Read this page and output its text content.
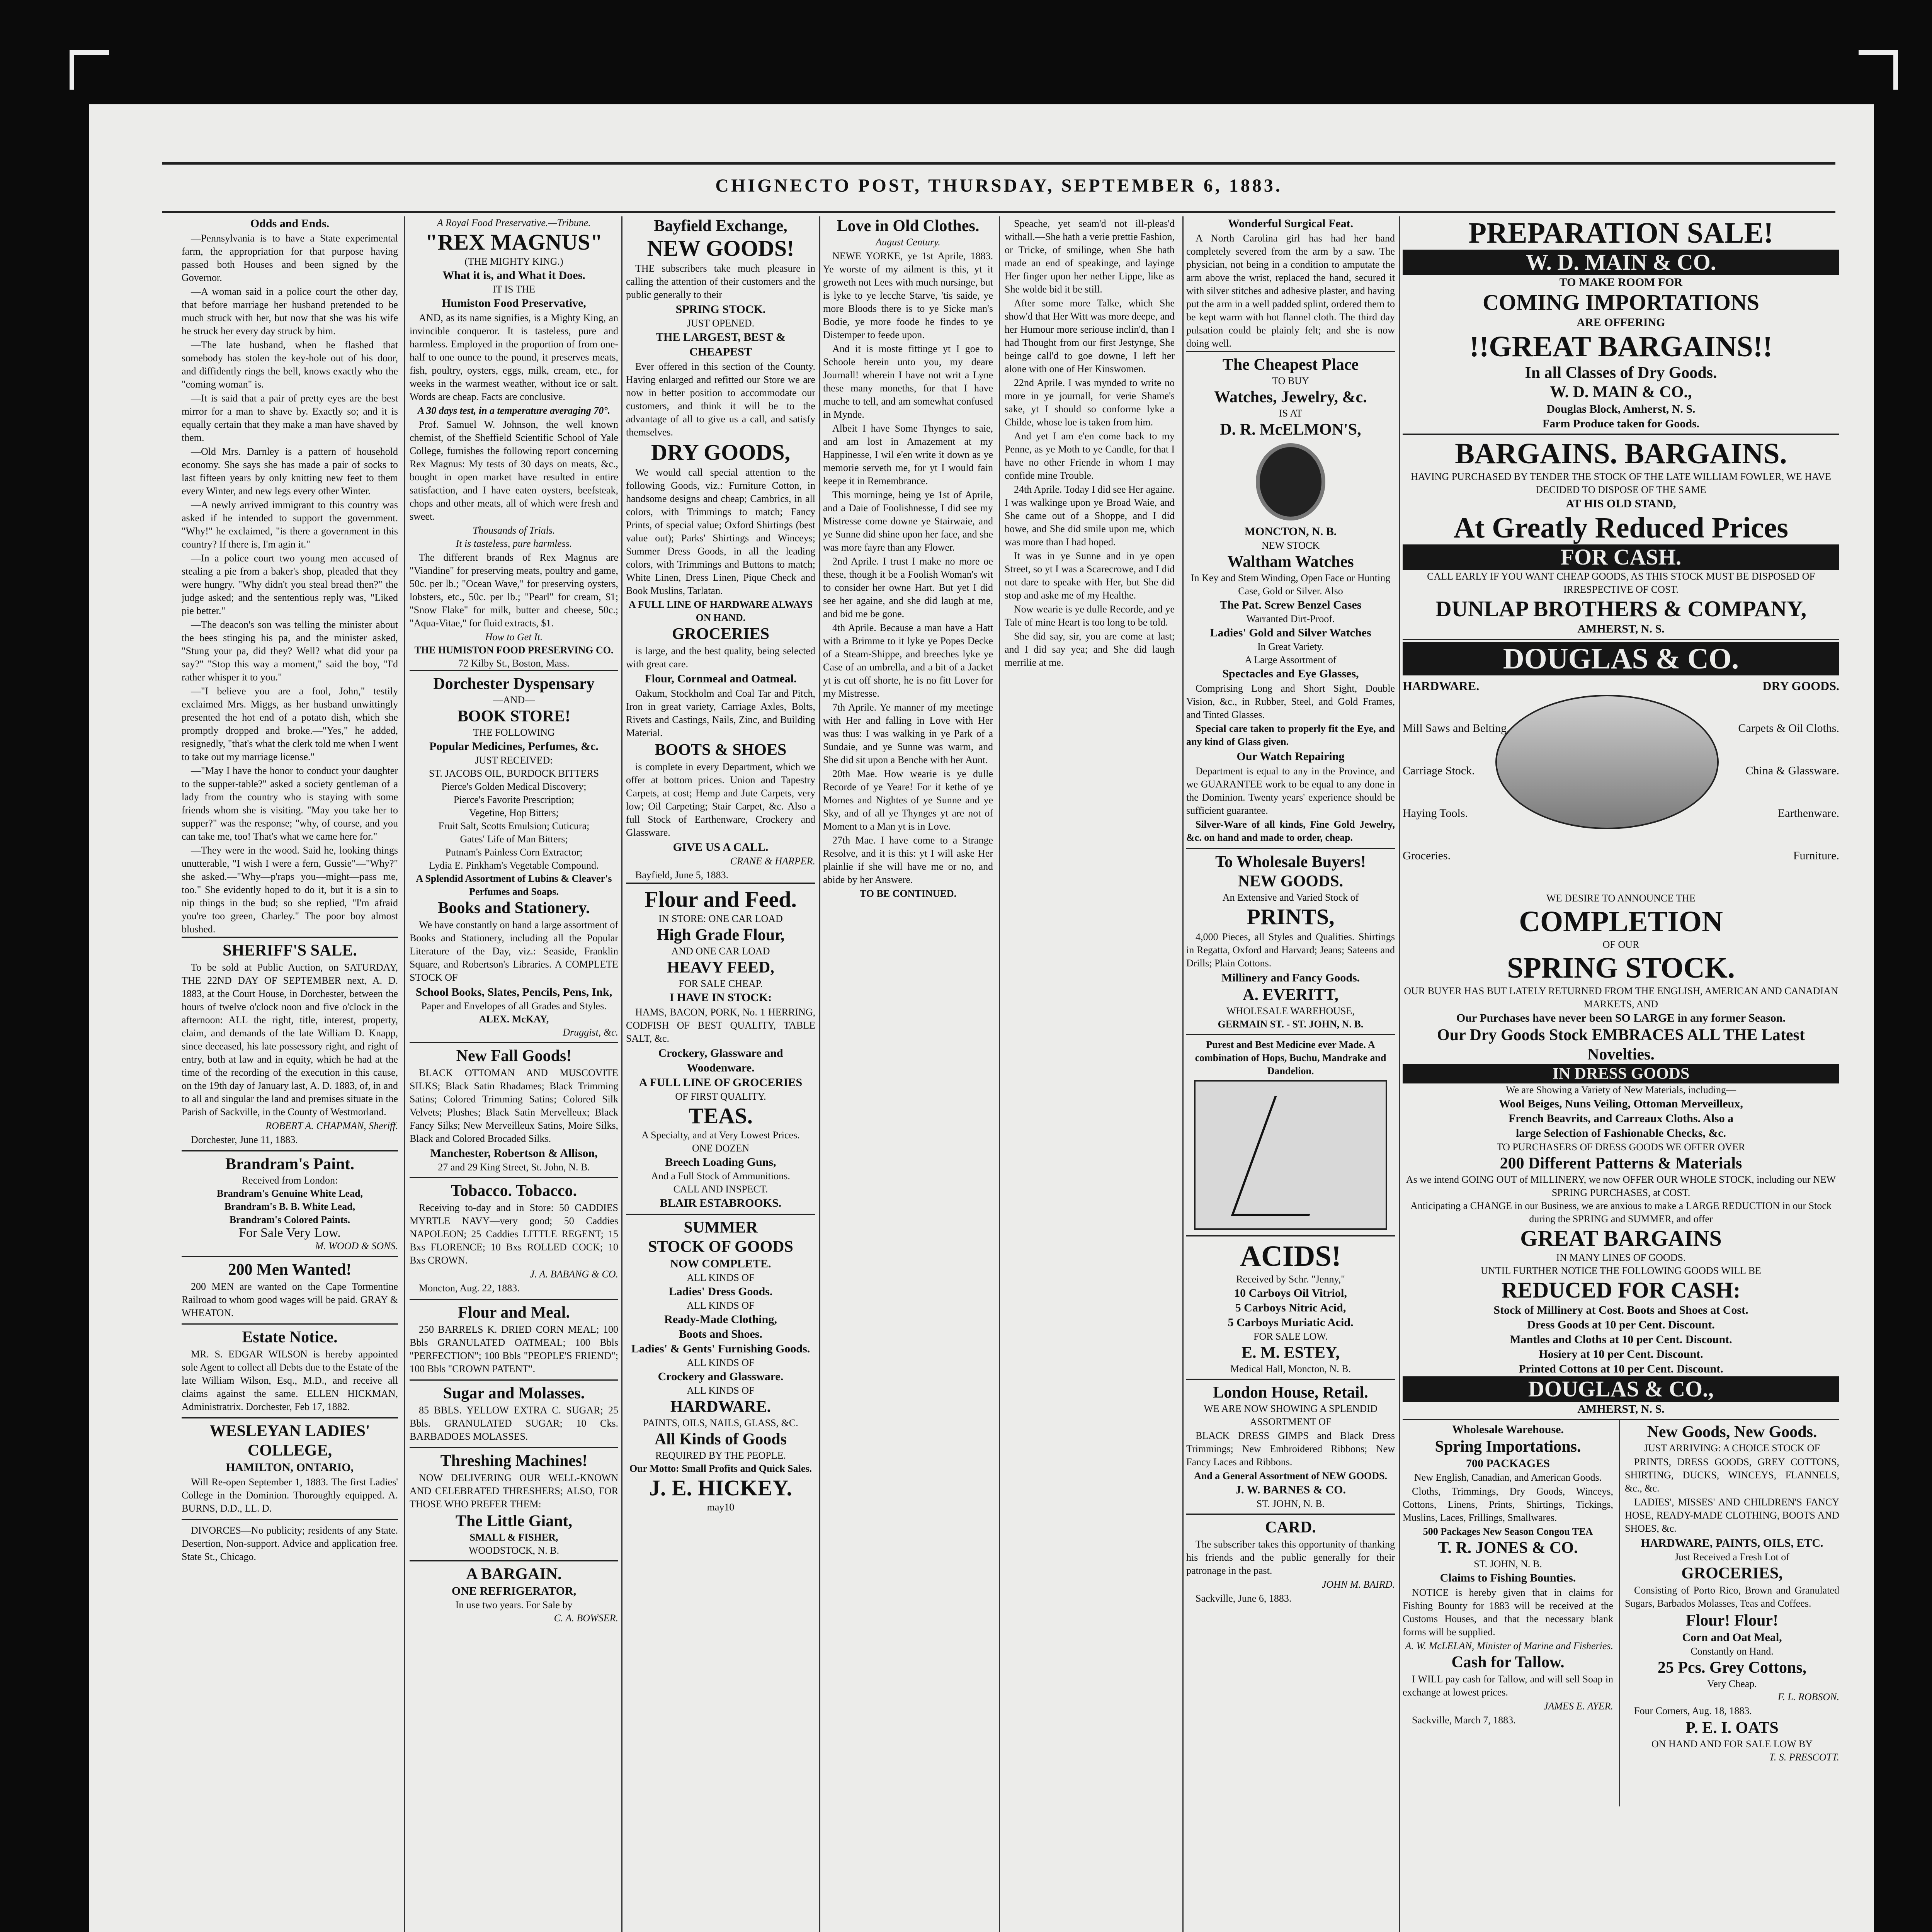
CHIGNECTO POST, THURSDAY, SEPTEMBER 6, 1883.
Odds and Ends.
—Pennsylvania is to have a State experimental farm, the appropriation for that purpose having passed both Houses and been signed by the Governor.
—A woman said in a police court the other day, that before marriage her husband pretended to be much struck with her, but now that she was his wife he struck her every day struck by him.
—The late husband, when he flashed that somebody has stolen the key-hole out of his door, and diffidently rings the bell, knows exactly who the "coming woman" is.
—It is said that a pair of pretty eyes are the best mirror for a man to shave by. Exactly so; and it is equally certain that they make a man have shaved by them.
—Old Mrs. Darnley is a pattern of household economy. She says she has made a pair of socks to last fifteen years by only knitting new feet to them every Winter, and new legs every other Winter.
—A newly arrived immigrant to this country was asked if he intended to support the government. "Why!" he exclaimed, "is there a government in this country? If there is, I'm agin it."
—In a police court two young men accused of stealing a pie from a baker's shop, pleaded that they were hungry. "Why didn't you steal bread then?" the judge asked; and the sententious reply was, "Liked pie better."
—The deacon's son was telling the minister about the bees stinging his pa, and the minister asked, "Stung your pa, did they? Well? what did your pa say?" "Stop this way a moment," said the boy, "I'd rather whisper it to you."
—"I believe you are a fool, John," testily exclaimed Mrs. Miggs, as her husband unwittingly presented the hot end of a potato dish, which she promptly dropped and broke.—"Yes," he added, resignedly, "that's what the clerk told me when I went to take out my marriage license."
—"May I have the honor to conduct your daughter to the supper-table?" asked a society gentleman of a lady from the country who is staying with some friends whom she is visiting. "May you take her to supper?" was the response; "why, of course, and you can take me, too! That's what we came here for."
—They were in the wood. Said he, looking things unutterable, "I wish I were a fern, Gussie"—"Why?" she asked.—"Why—p'raps you—might—pass me, too." She evidently hoped to do it, but it is a sin to nip things in the bud; so she replied, "I'm afraid you're too green, Charley." The poor boy almost blushed.
SHERIFF'S SALE.
To be sold at Public Auction, on SATURDAY, THE 22ND DAY OF SEPTEMBER next, A. D. 1883, at the Court House, in Dorchester, between the hours of twelve o'clock noon and five o'clock in the afternoon: ALL the right, title, interest, property, claim, and demands of the late William D. Knapp, since deceased, his late possessory right, and right of entry, both at law and in equity, which he had at the time of the recording of the execution in this cause, on the 19th day of January last, A. D. 1883, of, in and to all and singular the land and premises situate in the Parish of Sackville, in the County of Westmorland.
ROBERT A. CHAPMAN, Sheriff.
Dorchester, June 11, 1883.
Brandram's Paint.
Received from London:
Brandram's Genuine White Lead,
Brandram's B. B. White Lead,
Brandram's Colored Paints.
For Sale Very Low.
M. WOOD & SONS.
200 Men Wanted!
200 MEN are wanted on the Cape Tormentine Railroad to whom good wages will be paid. GRAY & WHEATON.
Estate Notice.
MR. S. EDGAR WILSON is hereby appointed sole Agent to collect all Debts due to the Estate of the late William Wilson, Esq., M.D., and receive all claims against the same. ELLEN HICKMAN, Administratrix. Dorchester, Feb 17, 1882.
WESLEYAN LADIES' COLLEGE,
HAMILTON, ONTARIO,
Will Re-open September 1, 1883. The first Ladies' College in the Dominion. Thoroughly equipped. A. BURNS, D.D., LL. D.
DIVORCES—No publicity; residents of any State. Desertion, Non-support. Advice and application free. State St., Chicago.
A Royal Food Preservative.—Tribune.
"REX MAGNUS"
(THE MIGHTY KING.)
What it is, and What it Does.
IT IS THE
Humiston Food Preservative,
AND, as its name signifies, is a Mighty King, an invincible conqueror. It is tasteless, pure and harmless. Employed in the proportion of from one-half to one ounce to the pound, it preserves meats, fish, poultry, oysters, eggs, milk, cream, etc., for weeks in the warmest weather, without ice or salt. Words are cheap. Facts are conclusive.
A 30 days test, in a temperature averaging 70°.
Prof. Samuel W. Johnson, the well known chemist, of the Sheffield Scientific School of Yale College, furnishes the following report concerning Rex Magnus: My tests of 30 days on meats, &c., bought in open market have resulted in entire satisfaction, and I have eaten oysters, beefsteak, chops and other meats, all of which were fresh and sweet.
Thousands of Trials.
It is tasteless, pure harmless.
The different brands of Rex Magnus are "Viandine" for preserving meats, poultry and game, 50c. per lb.; "Ocean Wave," for preserving oysters, lobsters, etc., 50c. per lb.; "Pearl" for cream, $1; "Snow Flake" for milk, butter and cheese, 50c.; "Aqua-Vitae," for fluid extracts, $1.
How to Get It.
THE HUMISTON FOOD PRESERVING CO.
72 Kilby St., Boston, Mass.
Dorchester Dyspensary
—AND—
BOOK STORE!
THE FOLLOWING
Popular Medicines, Perfumes, &c.
JUST RECEIVED:
ST. JACOBS OIL, BURDOCK BITTERS
Pierce's Golden Medical Discovery;
Pierce's Favorite Prescription;
Vegetine, Hop Bitters;
Fruit Salt, Scotts Emulsion; Cuticura;
Gates' Life of Man Bitters;
Putnam's Painless Corn Extractor;
Lydia E. Pinkham's Vegetable Compound.
A Splendid Assortment of Lubins & Cleaver's Perfumes and Soaps.
Books and Stationery.
We have constantly on hand a large assortment of Books and Stationery, including all the Popular Literature of the Day, viz.: Seaside, Franklin Square, and Robertson's Libraries. A COMPLETE STOCK OF
School Books, Slates, Pencils, Pens, Ink,
Paper and Envelopes of all Grades and Styles.
ALEX. McKAY,
Druggist, &c.
New Fall Goods!
BLACK OTTOMAN AND MUSCOVITE SILKS; Black Satin Rhadames; Black Trimming Satins; Colored Trimming Satins; Colored Silk Velvets; Plushes; Black Satin Mervelleux; Black Fancy Silks; New Merveilleux Satins, Moire Silks, Black and Colored Brocaded Silks.
Manchester, Robertson & Allison,
27 and 29 King Street, St. John, N. B.
Tobacco. Tobacco.
Receiving to-day and in Store: 50 CADDIES MYRTLE NAVY—very good; 50 Caddies NAPOLEON; 25 Caddies LITTLE REGENT; 15 Bxs FLORENCE; 10 Bxs ROLLED COCK; 10 Bxs CROWN.
J. A. BABANG & CO.
Moncton, Aug. 22, 1883.
Flour and Meal.
250 BARRELS K. DRIED CORN MEAL; 100 Bbls GRANULATED OATMEAL; 100 Bbls "PERFECTION"; 100 Bbls "PEOPLE'S FRIEND"; 100 Bbls "CROWN PATENT".
Sugar and Molasses.
85 BBLS. YELLOW EXTRA C. SUGAR; 25 Bbls. GRANULATED SUGAR; 10 Cks. BARBADOES MOLASSES.
Threshing Machines!
NOW DELIVERING OUR WELL-KNOWN AND CELEBRATED THRESHERS; ALSO, FOR THOSE WHO PREFER THEM:
The Little Giant,
SMALL & FISHER,
WOODSTOCK, N. B.
A BARGAIN.
ONE REFRIGERATOR,
In use two years. For Sale by
C. A. BOWSER.
Bayfield Exchange,
NEW GOODS!
THE subscribers take much pleasure in calling the attention of their customers and the public generally to their
SPRING STOCK.
JUST OPENED.
THE LARGEST, BEST & CHEAPEST
Ever offered in this section of the County. Having enlarged and refitted our Store we are now in better position to accommodate our customers, and think it will be to the advantage of all to give us a call, and satisfy themselves.
DRY GOODS,
We would call special attention to the following Goods, viz.: Furniture Cotton, in handsome designs and cheap; Cambrics, in all colors, with Trimmings to match; Fancy Prints, of special value; Oxford Shirtings (best value out); Parks' Shirtings and Winceys; Summer Dress Goods, in all the leading colors, with Trimmings and Buttons to match; White Linen, Dress Linen, Pique Check and Book Muslins, Tarlatan.
A FULL LINE OF HARDWARE ALWAYS ON HAND.
GROCERIES
is large, and the best quality, being selected with great care.
Flour, Cornmeal and Oatmeal.
Oakum, Stockholm and Coal Tar and Pitch, Iron in great variety, Carriage Axles, Bolts, Rivets and Castings, Nails, Zinc, and Building Material.
BOOTS & SHOES
is complete in every Department, which we offer at bottom prices. Union and Tapestry Carpets, at cost; Hemp and Jute Carpets, very low; Oil Carpeting; Stair Carpet, &c. Also a full Stock of Earthenware, Crockery and Glassware.
GIVE US A CALL.
CRANE & HARPER.
Bayfield, June 5, 1883.
Flour and Feed.
IN STORE: ONE CAR LOAD
High Grade Flour,
AND ONE CAR LOAD
HEAVY FEED,
FOR SALE CHEAP.
I HAVE IN STOCK:
HAMS, BACON, PORK, No. 1 HERRING, CODFISH OF BEST QUALITY, TABLE SALT, &c.
Crockery, Glassware and Woodenware.
A FULL LINE OF GROCERIES
OF FIRST QUALITY.
TEAS.
A Specialty, and at Very Lowest Prices.
ONE DOZEN
Breech Loading Guns,
And a Full Stock of Ammunitions.
CALL AND INSPECT.
BLAIR ESTABROOKS.
SUMMER
STOCK OF GOODS
NOW COMPLETE.
ALL KINDS OF
Ladies' Dress Goods.
ALL KINDS OF
Ready-Made Clothing,
Boots and Shoes.
Ladies' & Gents' Furnishing Goods.
ALL KINDS OF
Crockery and Glassware.
ALL KINDS OF
HARDWARE.
PAINTS, OILS, NAILS, GLASS, &C.
All Kinds of Goods
REQUIRED BY THE PEOPLE.
Our Motto: Small Profits and Quick Sales.
J. E. HICKEY.
may10
Love in Old Clothes.
August Century.
NEWE YORKE, ye 1st Aprile, 1883. Ye worste of my ailment is this, yt it groweth not Lees with much nursinge, but is lyke to ye lecche Starve, 'tis saide, ye more Bloods there is to ye Sicke man's Bodie, ye more foode he findes to ye Distemper to feede upon.
And it is moste fittinge yt I goe to Schoole herein unto you, my deare Journall! wherein I have not writ a Lyne these many moneths, for that I have muche to tell, and am somewhat confused in Mynde.
Albeit I have Some Thynges to saie, and am lost in Amazement at my Happinesse, I wil e'en write it down as ye memorie serveth me, for yt I would fain keepe it in Remembrance.
This morninge, being ye 1st of Aprile, and a Daie of Foolishnesse, I did see my Mistresse come downe ye Stairwaie, and ye Sunne did shine upon her face, and she was more fayre than any Flower.
2nd Aprile. I trust I make no more oe these, though it be a Foolish Woman's wit to consider her owne Hart. But yet I did see her againe, and she did laugh at me, and bid me be gone.
4th Aprile. Because a man have a Hatt with a Brimme to it lyke ye Popes Decke of a Steam-Shippe, and breeches lyke ye Case of an umbrella, and a bit of a Jacket yt is cut off shorte, he is no fitt Lover for my Mistresse.
7th Aprile. Ye manner of my meetinge with Her and falling in Love with Her was thus: I was walking in ye Park of a Sundaie, and ye Sunne was warm, and She did sit upon a Benche with her Aunt.
20th Mae. How wearie is ye dulle Recorde of ye Yeare! For it kethe of ye Mornes and Nightes of ye Sunne and ye Sky, and of all ye Thynges yt are not of Moment to a Man yt is in Love.
27th Mae. I have come to a Strange Resolve, and it is this: yt I will aske Her plainlie if she will have me or no, and abide by her Answere.
TO BE CONTINUED.
Speache, yet seam'd not ill-pleas'd withall.—She hath a verie prettie Fashion, or Tricke, of smilinge, when She hath made an end of speakinge, and layinge Her finger upon her nether Lippe, like as She wolde bid it be still.
After some more Talke, which She show'd that Her Witt was more deepe, and her Humour more seriouse inclin'd, than I had Thought from our first Jestynge, She beinge call'd to goe downe, I left her alone with one of Her Kinswomen.
22nd Aprile. I was mynded to write no more in ye journall, for verie Shame's sake, yt I should so conforme lyke a Childe, whose loe is taken from him.
And yet I am e'en come back to my Penne, as ye Moth to ye Candle, for that I have no other Friende in whom I may confide mine Trouble.
24th Aprile. Today I did see Her againe. I was walkinge upon ye Broad Waie, and She came out of a Shoppe, and I did bowe, and She did smile upon me, which was more than I had hoped.
It was in ye Sunne and in ye open Street, so yt I was a Scarecrowe, and I did not dare to speake with Her, but She did stop and aske me of my Healthe.
Now wearie is ye dulle Recorde, and ye Tale of mine Heart is too long to be told.
She did say, sir, you are come at last; and I did say yea; and She did laugh merrilie at me.
Wonderful Surgical Feat.
A North Carolina girl has had her hand completely severed from the arm by a saw. The physician, not being in a condition to amputate the arm above the wrist, replaced the hand, secured it with silver stitches and adhesive plaster, and having put the arm in a well padded splint, ordered them to be kept warm with hot flannel cloth. The third day pulsation could be plainly felt; and she is now doing well.
The Cheapest Place
TO BUY
Watches, Jewelry, &c.
IS AT
D. R. McELMON'S,
MONCTON, N. B.
NEW STOCK
Waltham Watches
In Key and Stem Winding, Open Face or Hunting Case, Gold or Silver. Also
The Pat. Screw Benzel Cases
Warranted Dirt-Proof.
Ladies' Gold and Silver Watches
In Great Variety.
A Large Assortment of
Spectacles and Eye Glasses,
Comprising Long and Short Sight, Double Vision, &c., in Rubber, Steel, and Gold Frames, and Tinted Glasses.
Special care taken to properly fit the Eye, and any kind of Glass given.
Our Watch Repairing
Department is equal to any in the Province, and we GUARANTEE work to be equal to any done in the Dominion. Twenty years' experience should be sufficient guarantee.
Silver-Ware of all kinds, Fine Gold Jewelry, &c. on hand and made to order, cheap.
To Wholesale Buyers!
NEW GOODS.
An Extensive and Varied Stock of
PRINTS,
4,000 Pieces, all Styles and Qualities. Shirtings in Regatta, Oxford and Harvard; Jeans; Sateens and Drills; Plain Cottons.
Millinery and Fancy Goods.
A. EVERITT,
WHOLESALE WAREHOUSE,
GERMAIN ST. - ST. JOHN, N. B.
Purest and Best Medicine ever Made. A combination of Hops, Buchu, Mandrake and Dandelion.
ACIDS!
Received by Schr. "Jenny,"
10 Carboys Oil Vitriol,
5 Carboys Nitric Acid,
5 Carboys Muriatic Acid.
FOR SALE LOW.
E. M. ESTEY,
Medical Hall, Moncton, N. B.
London House, Retail.
WE ARE NOW SHOWING A SPLENDID ASSORTMENT OF
BLACK DRESS GIMPS and Black Dress Trimmings; New Embroidered Ribbons; New Fancy Laces and Ribbons.
And a General Assortment of NEW GOODS.
J. W. BARNES & CO.
ST. JOHN, N. B.
CARD.
The subscriber takes this opportunity of thanking his friends and the public generally for their patronage in the past.
JOHN M. BAIRD.
Sackville, June 6, 1883.
PREPARATION SALE!
W. D. MAIN & CO.
TO MAKE ROOM FOR
COMING IMPORTATIONS
ARE OFFERING
!!GREAT BARGAINS!!
In all Classes of Dry Goods.
W. D. MAIN & CO.,
Douglas Block, Amherst, N. S.
Farm Produce taken for Goods.
BARGAINS. BARGAINS.
HAVING PURCHASED BY TENDER THE STOCK OF THE LATE WILLIAM FOWLER, WE HAVE DECIDED TO DISPOSE OF THE SAME
AT HIS OLD STAND,
At Greatly Reduced Prices
FOR CASH.
CALL EARLY IF YOU WANT CHEAP GOODS, AS THIS STOCK MUST BE DISPOSED OF IRRESPECTIVE OF COST.
DUNLAP BROTHERS & COMPANY,
AMHERST, N. S.
DOUGLAS & CO.
HARDWARE.	DRY GOODS.
Mill Saws and Belting.	Carpets & Oil Cloths.
Carriage Stock.	China & Glassware.
Haying Tools.	Earthenware.
Groceries.	Furniture.
WE DESIRE TO ANNOUNCE THE
COMPLETION
OF OUR
SPRING STOCK.
OUR BUYER HAS BUT LATELY RETURNED FROM THE ENGLISH, AMERICAN AND CANADIAN MARKETS, AND
Our Purchases have never been SO LARGE in any former Season.
Our Dry Goods Stock EMBRACES ALL THE Latest Novelties.
IN DRESS GOODS
We are Showing a Variety of New Materials, including—
Wool Beiges, Nuns Veiling, Ottoman Merveilleux,
French Beavrits, and Carreaux Cloths. Also a
large Selection of Fashionable Checks, &c.
TO PURCHASERS OF DRESS GOODS WE OFFER OVER
200 Different Patterns & Materials
As we intend GOING OUT of MILLINERY, we now OFFER OUR WHOLE STOCK, including our NEW SPRING PURCHASES, at COST.
Anticipating a CHANGE in our Business, we are anxious to make a LARGE REDUCTION in our Stock during the SPRING and SUMMER, and offer
GREAT BARGAINS
IN MANY LINES OF GOODS.
UNTIL FURTHER NOTICE THE FOLLOWING GOODS WILL BE
REDUCED FOR CASH:
Stock of Millinery at Cost. Boots and Shoes at Cost.
Dress Goods at 10 per Cent. Discount.
Mantles and Cloths at 10 per Cent. Discount.
Hosiery at 10 per Cent. Discount.
Printed Cottons at 10 per Cent. Discount.
DOUGLAS & CO.,
AMHERST, N. S.
Wholesale Warehouse.
Spring Importations.
700 PACKAGES
New English, Canadian, and American Goods.
Cloths, Trimmings, Dry Goods, Winceys, Cottons, Linens, Prints, Shirtings, Tickings, Muslins, Laces, Frillings, Smallwares.
500 Packages New Season Congou TEA
T. R. JONES & CO.
ST. JOHN, N. B.
Claims to Fishing Bounties.
NOTICE is hereby given that in claims for Fishing Bounty for 1883 will be received at the Customs Houses, and that the necessary blank forms will be supplied.
A. W. McLELAN, Minister of Marine and Fisheries.
Cash for Tallow.
I WILL pay cash for Tallow, and will sell Soap in exchange at lowest prices.
JAMES E. AYER.
Sackville, March 7, 1883.
New Goods, New Goods.
JUST ARRIVING: A CHOICE STOCK OF
PRINTS, DRESS GOODS, GREY COTTONS, SHIRTING, DUCKS, WINCEYS, FLANNELS, &c., &c.
LADIES', MISSES' AND CHILDREN'S FANCY HOSE, READY-MADE CLOTHING, BOOTS AND SHOES, &c.
HARDWARE, PAINTS, OILS, ETC.
Just Received a Fresh Lot of
GROCERIES,
Consisting of Porto Rico, Brown and Granulated Sugars, Barbados Molasses, Teas and Coffees.
Flour! Flour!
Corn and Oat Meal,
Constantly on Hand.
25 Pcs. Grey Cottons,
Very Cheap.
F. L. ROBSON.
Four Corners, Aug. 18, 1883.
P. E. I. OATS
ON HAND AND FOR SALE LOW BY
T. S. PRESCOTT.
